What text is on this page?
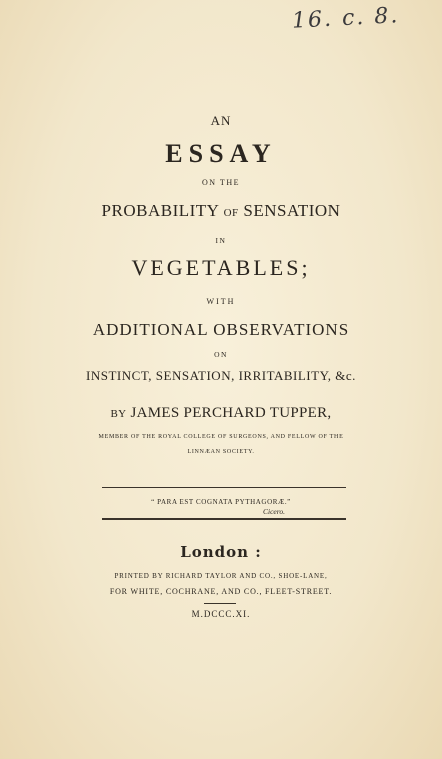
16. c. 8.
AN
ESSAY
ON THE
PROBABILITY OF SENSATION
IN
VEGETABLES;
WITH
ADDITIONAL OBSERVATIONS
ON
INSTINCT, SENSATION, IRRITABILITY, &c.
BY JAMES PERCHARD TUPPER,
MEMBER OF THE ROYAL COLLEGE OF SURGEONS, AND FELLOW OF THE
LINNÆAN SOCIETY.
“ PARA EST COGNATA PYTHAGORÆ.”
Cicero.
London :
PRINTED BY RICHARD TAYLOR AND CO., SHOE-LANE,
FOR WHITE, COCHRANE, AND CO., FLEET-STREET.
M.DCCC.XI.
